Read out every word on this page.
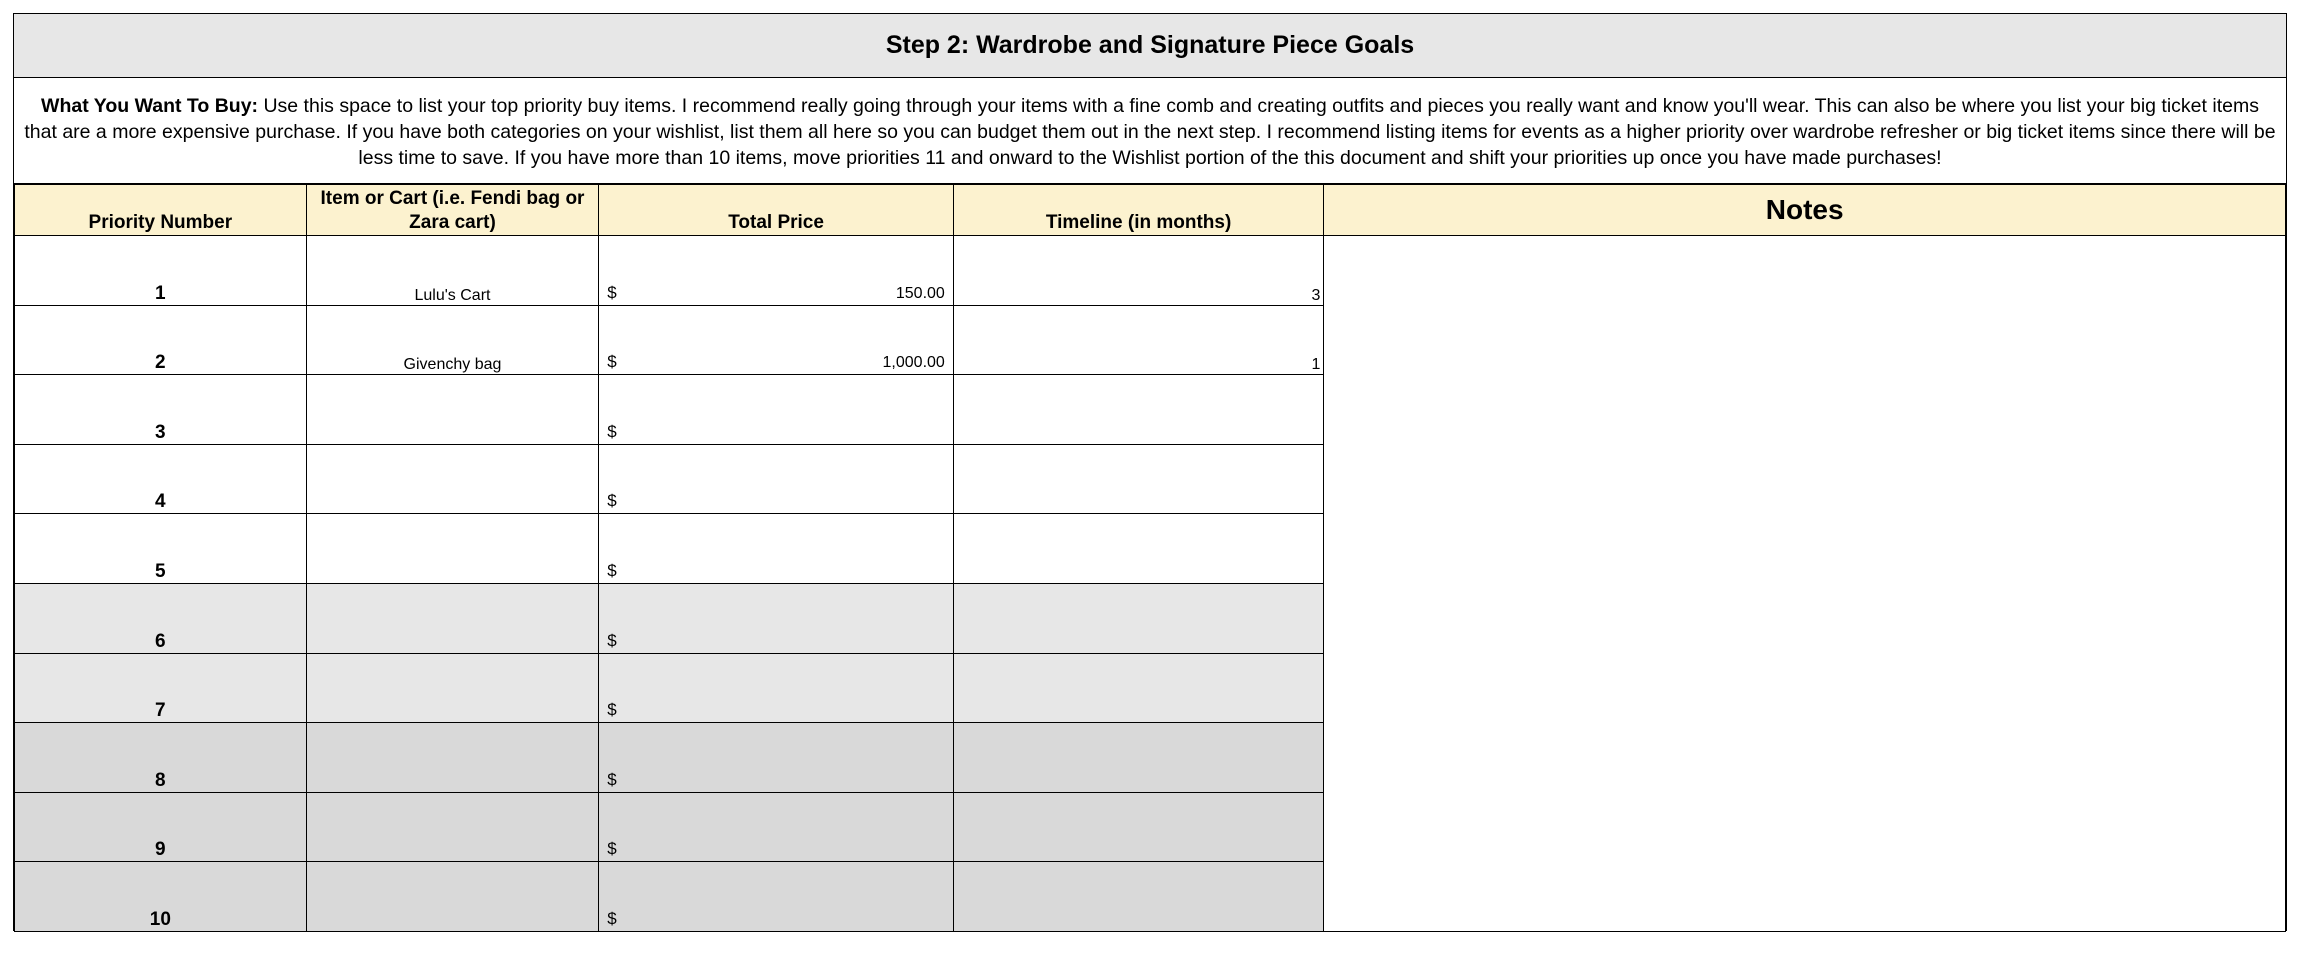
Step 2: Wardrobe and Signature Piece Goals
What You Want To Buy: Use this space to list your top priority buy items. I recommend really going through your items with a fine comb and creating outfits and pieces you really want and know you'll wear. This can also be where you list your big ticket items that are a more expensive purchase. If you have both categories on your wishlist, list them all here so you can budget them out in the next step. I recommend listing items for events as a higher priority over wardrobe refresher or big ticket items since there will be less time to save. If you have more than 10 items, move priorities 11 and onward to the Wishlist portion of the this document and shift your priorities up once you have made purchases!
Priority Number	Item or Cart (i.e. Fendi bag or Zara cart)	Total Price	Timeline (in months)	Notes
1	Lulu's Cart	$ 150.00	3	
2	Givenchy bag	$ 1,000.00	1	
3		$		

4		$		

5		$		

6		$		

7		$		

8		$		

9		$		

10		$		
